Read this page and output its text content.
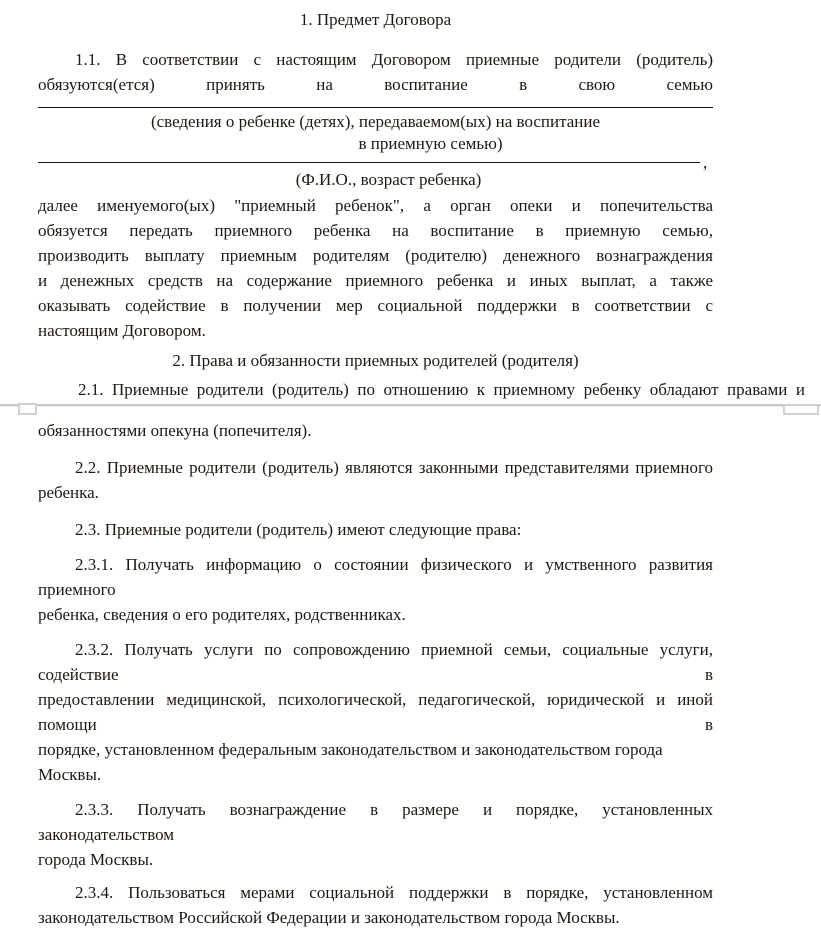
1. Предмет Договора
1.1. В соответствии с настоящим Договором приемные родители (родитель)
обязуются(ется) принять на воспитание в свою семью
(сведения о ребенке (детях), передаваемом(ых) на воспитание
в приемную семью)
,
(Ф.И.О., возраст ребенка)
далее именуемого(ых) "приемный ребенок", а орган опеки и попечительства
обязуется передать приемного ребенка на воспитание в приемную семью,
производить выплату приемным родителям (родителю) денежного вознаграждения
и денежных средств на содержание приемного ребенка и иных выплат, а также
оказывать содействие в получении мер социальной поддержки в соответствии с
настоящим Договором.
2. Права и обязанности приемных родителей (родителя)
2.1. Приемные родители (родитель) по отношению к приемному ребенку обладают правами и
обязанностями опекуна (попечителя).
2.2. Приемные родители (родитель) являются законными представителями приемного
ребенка.
2.3. Приемные родители (родитель) имеют следующие права:
2.3.1. Получать информацию о состоянии физического и умственного развития приемного
ребенка, сведения о его родителях, родственниках.
2.3.2. Получать услуги по сопровождению приемной семьи, социальные услуги, содействие в
предоставлении медицинской, психологической, педагогической, юридической и иной помощи в
порядке, установленном федеральным законодательством и законодательством города Москвы.
2.3.3. Получать вознаграждение в размере и порядке, установленных законодательством
города Москвы.
2.3.4. Пользоваться мерами социальной поддержки в порядке, установленном
законодательством Российской Федерации и законодательством города Москвы.
